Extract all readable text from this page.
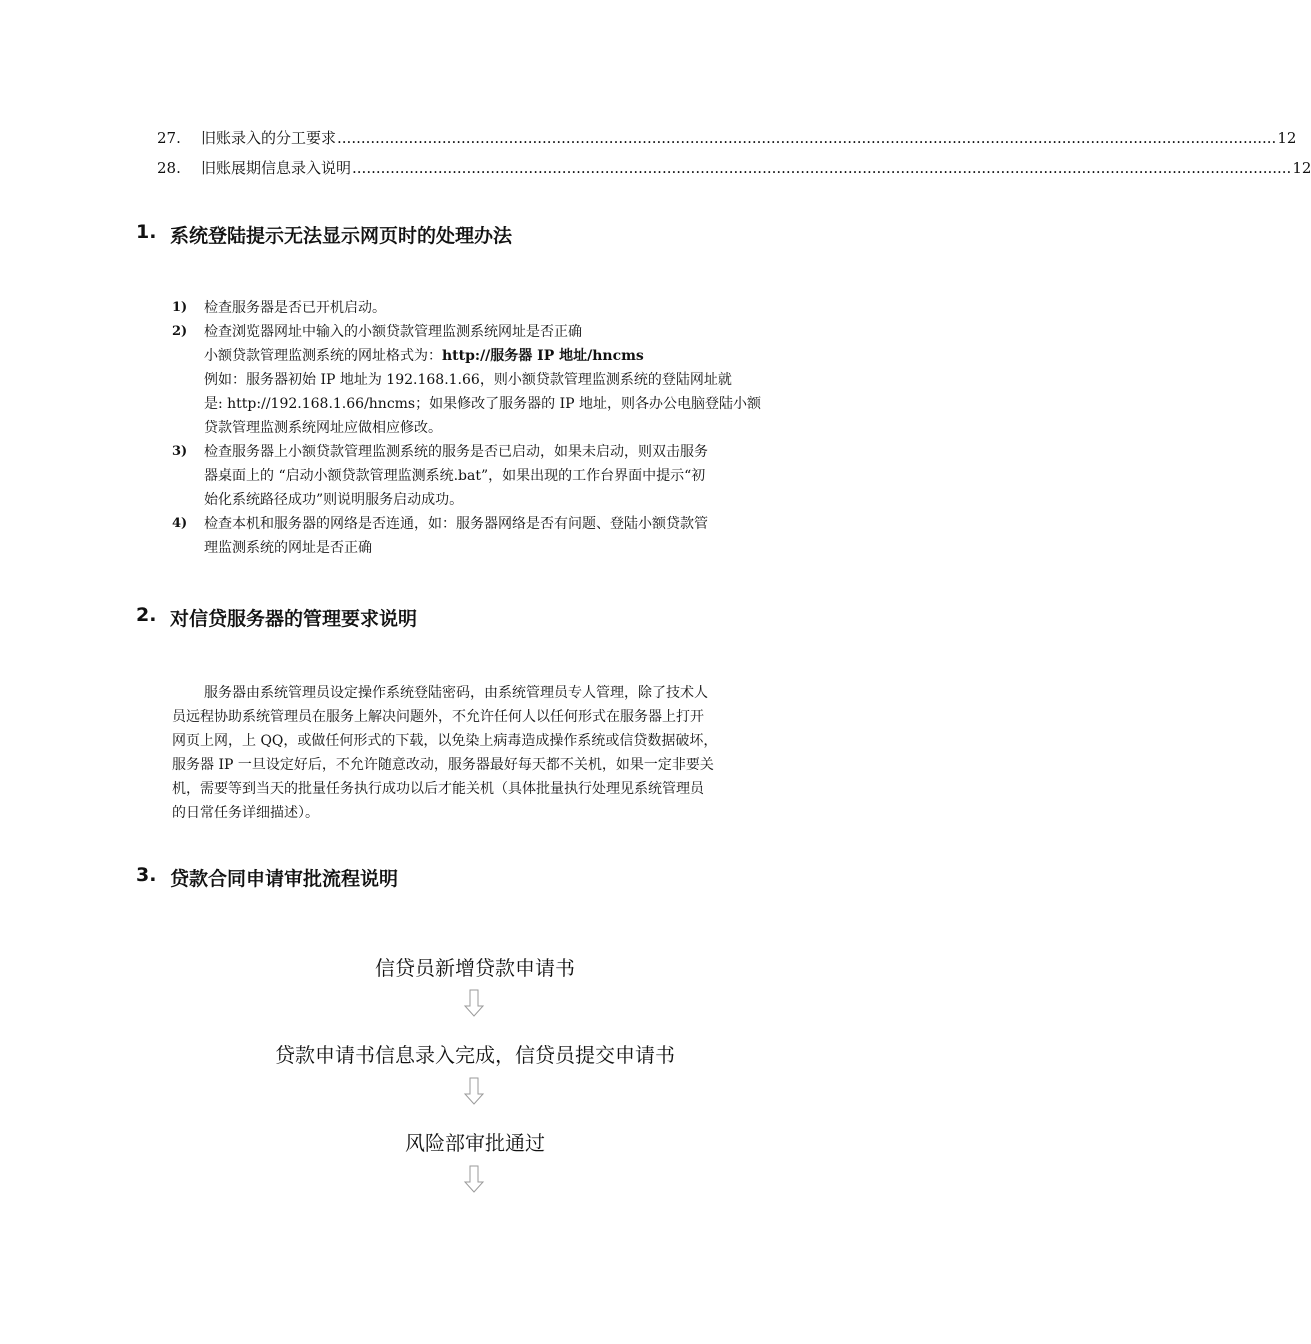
27.	旧账录入的分工要求 ..................................................................................................................................................................................................... 12
28.	旧账展期信息录入说明 ..................................................................................................................................................................................................... 12
1. 系统登陆提示无法显示网页时的处理办法
1)	检查服务器是否已开机启动。
2)	检查浏览器网址中输入的小额贷款管理监测系统网址是否正确
小额贷款管理监测系统的网址格式为：http://服务器 IP 地址/hncms
例如：服务器初始 IP 地址为 192.168.1.66，则小额贷款管理监测系统的登陆网址就
是: http://192.168.1.66/hncms；如果修改了服务器的 IP 地址，则各办公电脑登陆小额
贷款管理监测系统网址应做相应修改。
3)	检查服务器上小额贷款管理监测系统的服务是否已启动，如果未启动，则双击服务
器桌面上的 “启动小额贷款管理监测系统.bat”，如果出现的工作台界面中提示“初
始化系统路径成功”则说明服务启动成功。
4)	检查本机和服务器的网络是否连通，如：服务器网络是否有问题、登陆小额贷款管
理监测系统的网址是否正确
2. 对信贷服务器的管理要求说明
服务器由系统管理员设定操作系统登陆密码，由系统管理员专人管理，除了技术人
员远程协助系统管理员在服务上解决问题外，不允许任何人以任何形式在服务器上打开
网页上网，上 QQ，或做任何形式的下载，以免染上病毒造成操作系统或信贷数据破坏，
服务器 IP 一旦设定好后，不允许随意改动，服务器最好每天都不关机，如果一定非要关
机，需要等到当天的批量任务执行成功以后才能关机（具体批量执行处理见系统管理员
的日常任务详细描述）。
3. 贷款合同申请审批流程说明
信贷员新增贷款申请书
贷款申请书信息录入完成，信贷员提交申请书
风险部审批通过
